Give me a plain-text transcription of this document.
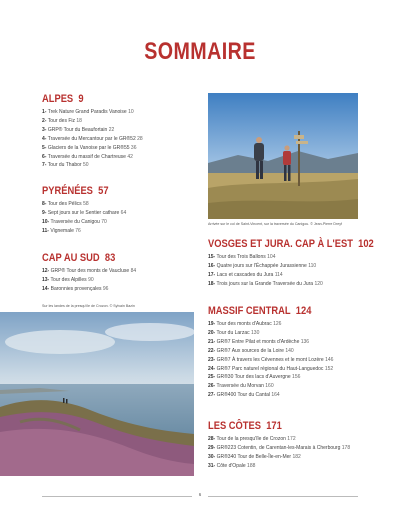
SOMMAIRE
ALPES 9
1- Trek Nature Grand Paradis Vanoise 10
2- Tour des Fiz 18
3- GRP® Tour du Beaufortain 22
4- Traversée du Mercantour par le GR®52 28
5- Glaciers de la Vanoise par le GR®55 36
6- Traversée du massif de Chartreuse 42
7- Tour du Thabor 50
PYRÉNÉES 57
8- Tour des Pélics 58
9- Sept jours sur le Sentier cathare 64
10- Traversée du Canigou 70
11- Vignemale 76
CAP AU SUD 83
12- GRP® Tour des monts de Vaucluse 84
13- Tour des Alpilles 90
14- Baronnies provençales 96
Sur les landes de la presqu'île de Crozon. © Sylvain Bazin
Arrivée sur le col de Saint-Vincent, sur la traversée du Canigou. © Jean-Pierre Dreyf
VOSGES ET JURA. CAP À L'EST 102
15- Tour des Trois Ballons 104
16- Quatre jours sur l'Échappée Jurassienne 110
17- Lacs et cascades du Jura 114
18- Trois jours sur la Grande Traversée du Jura 120
MASSIF CENTRAL 124
19- Tour des monts d'Aubrac 126
20- Tour du Larzac 130
21- GR®7 Entre Pilat et monts d'Ardèche 136
22- GR®7 Aux sources de la Loire 140
23- GR®7 À travers les Cévennes et le mont Lozère 146
24- GR®7 Parc naturel régional du Haut-Languedoc 152
25- GR®30 Tour des lacs d'Auvergne 156
26- Traversée du Morvan 160
27- GR®400 Tour du Cantal 164
LES CÔTES 171
28- Tour de la presqu'île de Crozon 172
29- GR®223 Cotentin, de Carentan-les-Marais à Cherbourg 178
30- GR®340 Tour de Belle-Île-en-Mer 182
31- Côte d'Opale 188
6
